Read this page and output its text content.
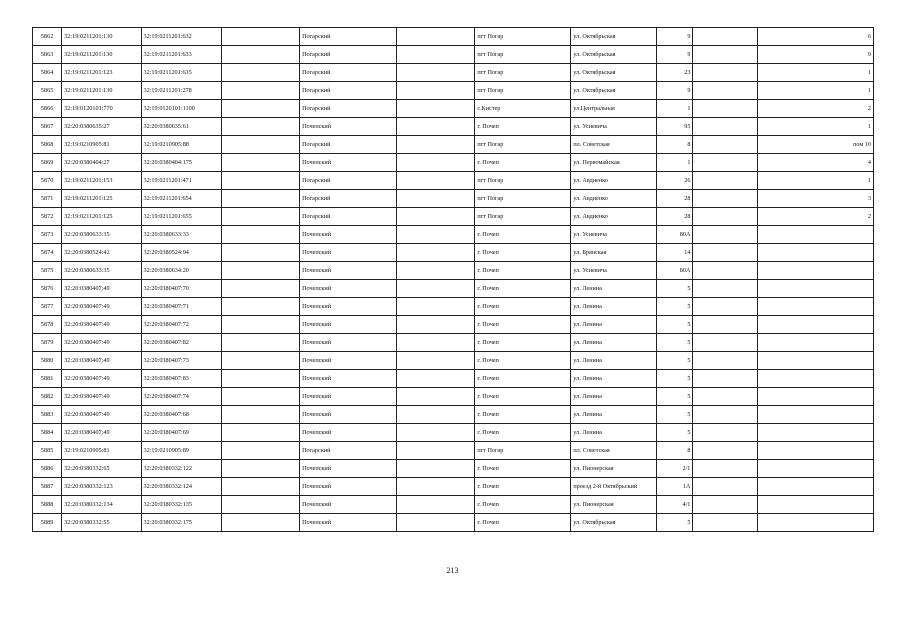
5862	32:19:0211201:130	32:19:0211201:632		Погарский		пгт Погар	ул. Октябрьская	9		6
5863	32:19:0211201:130	32:19:0211201:633		Погарский		пгт Погар	ул. Октябрьская	9		9
5864	32:19:0211201:123	32:19:0211201:635		Погарский		пгт Погар	ул. Октябрьская	23		1
5865	32:19:0211201:130	32:19:0211201:278		Погарский		пгт Погар	ул. Октябрьская	9		1
5866	32:19:0120101:770	32:19:0120101:1100		Погарский		с.Кистер	ул.Центральная	1		2
5867	32:20:0380635:27	32:20:0380635:61		Почепский		г. Почеп	ул. Усиевича	95		1
5868	32:19:0210905:81	32:19:0210905:88		Погарский		пгт Погар	пл. Советская	8		пом 10
5869	32:20:0380404:27	32:20:0380404:175		Почепский		г. Почеп	ул. Первомайская	1		4
5870	32:19:0211201:153	32:19:0211201:471		Погарский		пгт Погар	ул. Авдиенко	26		1
5871	32:19:0211201:125	32:19:0211201:654		Погарский		пгт Погар	ул. Авдиенко	28		3
5872	32:19:0211201:125	32:19:0211201:655		Погарский		пгт Погар	ул. Авдиенко	28		2
5873	32:20:0380633:35	32:20:0380633:33		Почепский		г. Почеп	ул. Усиевича	80А		
5874	32:20:0380524:42	32:20:0380524:94		Почепский		г. Почеп	ул. Брянская	14		
5875	32:20:0380633:35	32:20:0380634:20		Почепский		г. Почеп	ул. Усиевича	80А		
5876	32:20:0380407:49	32:20:0380407:70		Почепский		г. Почеп	ул. Ленина	5		
5877	32:20:0380407:49	32:20:0380407:71		Почепский		г. Почеп	ул. Ленина	5		
5878	32:20:0380407:49	32:20:0380407:72		Почепский		г. Почеп	ул. Ленина	5		
5879	32:20:0380407:49	32:20:0380407:82		Почепский		г. Почеп	ул. Ленина	5		
5880	32:20:0380407:49	32:20:0380407:73		Почепский		г. Почеп	ул. Ленина	5		
5881	32:20:0380407:49	32:20:0380407:83		Почепский		г. Почеп	ул. Ленина	5		
5882	32:20:0380407:49	32:20:0380407:74		Почепский		г. Почеп	ул. Ленина	5		
5883	32:20:0380407:49	32:20:0380407:68		Почепский		г. Почеп	ул. Ленина	5		
5884	32:20:0380407:49	32:20:0380407:69		Почепский		г. Почеп	ул. Ленина	5		
5885	32:19:0210905:81	32:19:0210905:89		Погарский		пгт Погар	пл. Советская	8		
5886	32:20:0380332:65	32:20:0380332:122		Почепский		г. Почеп	ул. Пионерская	2/1		
5887	32:20:0380332:123	32:20:0380332:124		Почепский		г. Почеп	проезд 2-й Октябрьский	1А		
5888	32:20:0380332:134	32:20:0380332:135		Почепский		г. Почеп	ул. Пионерская	4/1		
5889	32:20:0380332:55	32:20:0380332:175		Почепский		г. Почеп	ул. Октябрьская	5		
213
